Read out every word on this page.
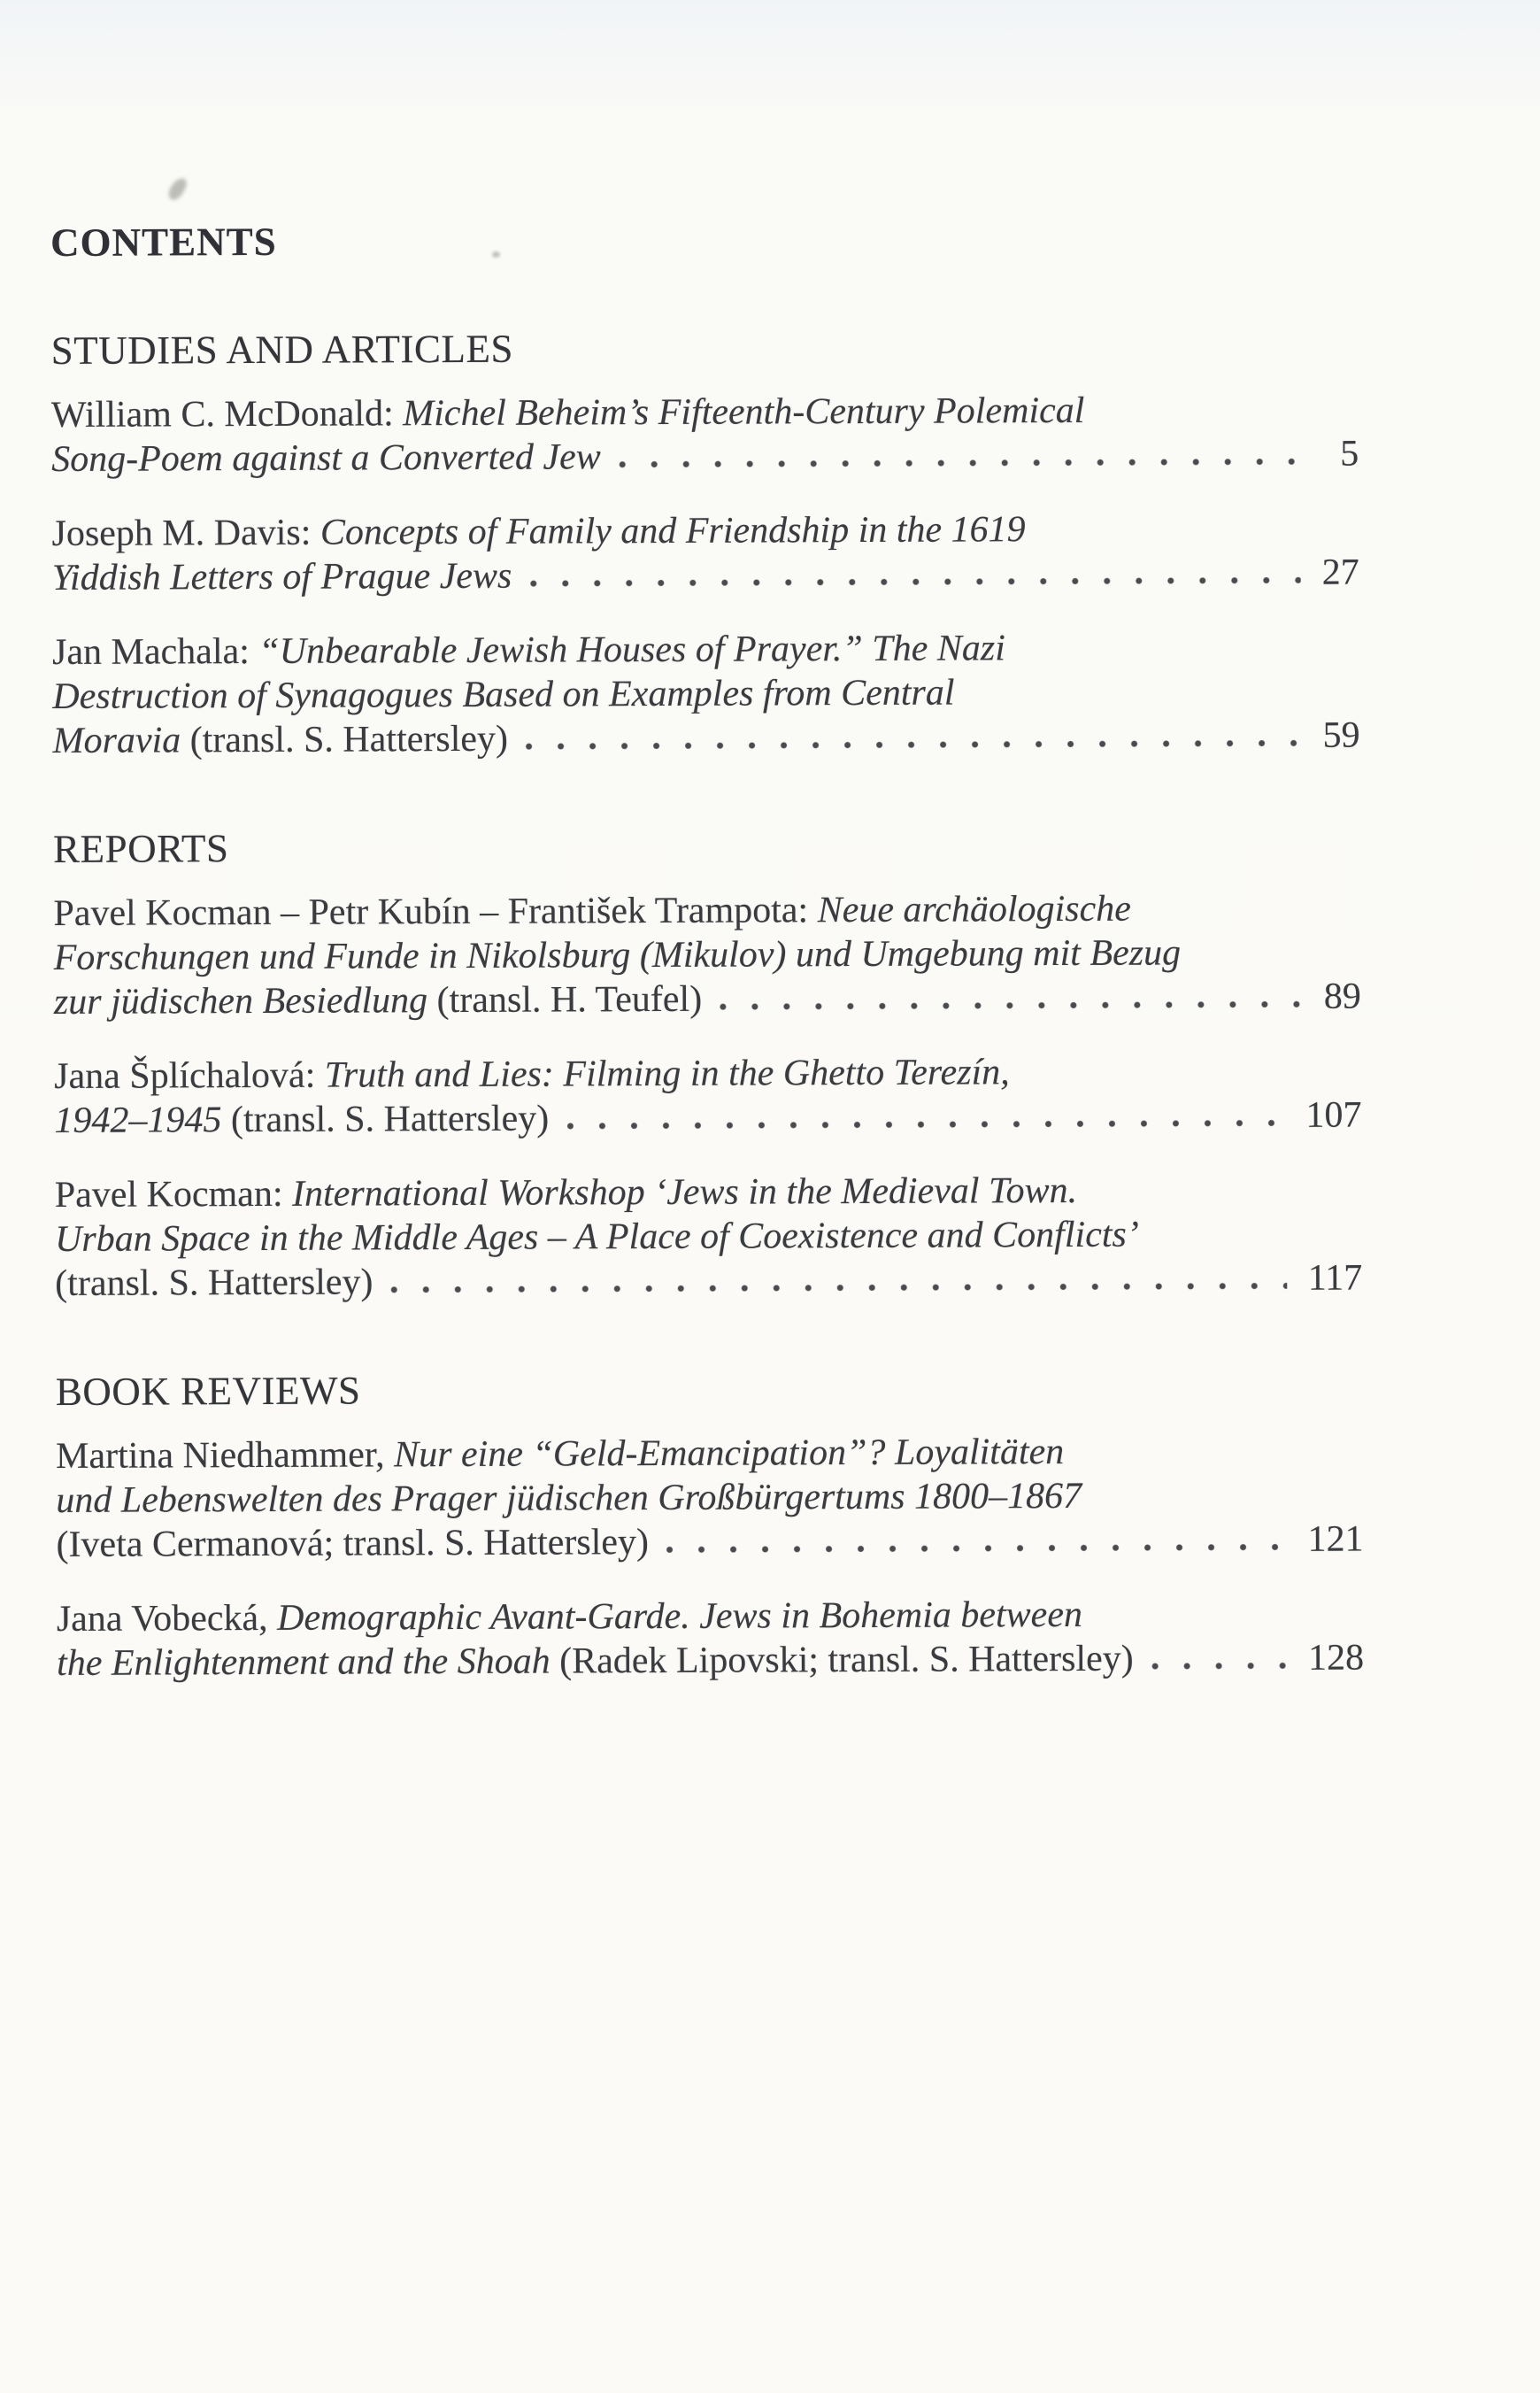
CONTENTS
STUDIES AND ARTICLES
William C. McDonald: Michel Beheim’s Fifteenth-Century Polemical
Song-Poem against a Converted Jew	5
Joseph M. Davis: Concepts of Family and Friendship in the 1619
Yiddish Letters of Prague Jews	27
Jan Machala: “Unbearable Jewish Houses of Prayer.” The Nazi
Destruction of Synagogues Based on Examples from Central
Moravia (transl. S. Hattersley)	59
REPORTS
Pavel Kocman – Petr Kubín – František Trampota: Neue archäologische
Forschungen und Funde in Nikolsburg (Mikulov) und Umgebung mit Bezug
zur jüdischen Besiedlung (transl. H. Teufel)	89
Jana Šplíchalová: Truth and Lies: Filming in the Ghetto Terezín,
1942–1945 (transl. S. Hattersley)	107
Pavel Kocman: International Workshop ‘Jews in the Medieval Town.
Urban Space in the Middle Ages – A Place of Coexistence and Conflicts’
(transl. S. Hattersley)	117
BOOK REVIEWS
Martina Niedhammer, Nur eine “Geld-Emancipation”? Loyalitäten
und Lebenswelten des Prager jüdischen Großbürgertums 1800–1867
(Iveta Cermanová; transl. S. Hattersley)	121
Jana Vobecká, Demographic Avant-Garde. Jews in Bohemia between
the Enlightenment and the Shoah (Radek Lipovski; transl. S. Hattersley)	128
